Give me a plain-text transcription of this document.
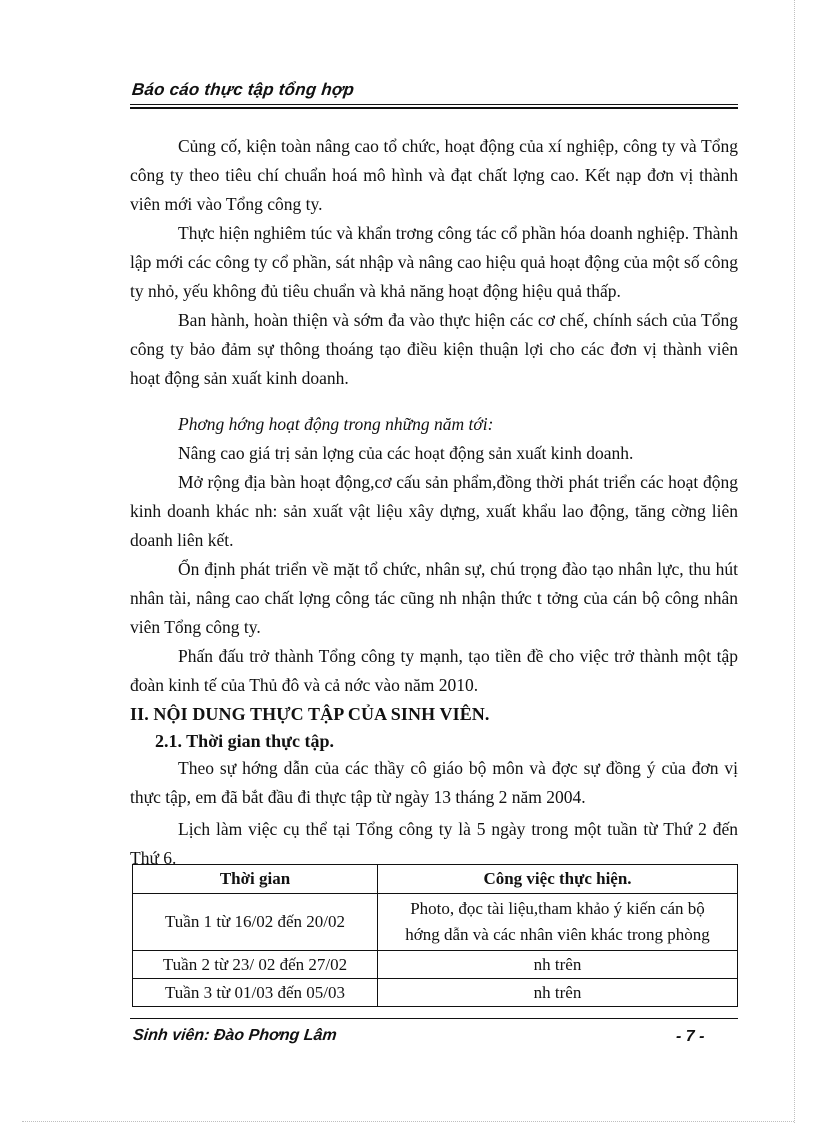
Báo cáo thực tập tổng hợp

Củng cố, kiện toàn nâng cao tổ chức, hoạt động của xí nghiệp, công ty và Tổng công ty theo tiêu chí chuẩn hoá mô hình và đạt chất lợng cao. Kết nạp đơn vị thành viên mới vào Tổng công ty.

Thực hiện nghiêm túc và khẩn trơng công tác cổ phần hóa doanh nghiệp. Thành lập mới các công ty cổ phần, sát nhập và nâng cao hiệu quả hoạt động của một số công ty nhỏ, yếu không đủ tiêu chuẩn và khả năng hoạt động hiệu quả thấp.

Ban hành, hoàn thiện và sớm đa vào thực hiện các cơ chế, chính sách của Tổng công ty bảo đảm sự thông thoáng tạo điều kiện thuận lợi cho các đơn vị thành viên hoạt động sản xuất kinh doanh.

Phơng hớng hoạt động trong những năm tới:

Nâng cao giá trị sản lợng của các hoạt động sản xuất kinh doanh.

Mở rộng địa bàn hoạt động,cơ cấu sản phẩm,đồng thời phát triển các hoạt động kinh doanh khác nh: sản xuất vật liệu xây dựng, xuất khẩu lao động, tăng cờng liên doanh liên kết.

Ổn định phát triển về mặt tổ chức, nhân sự, chú trọng đào tạo nhân lực, thu hút nhân tài, nâng cao chất lợng công tác cũng nh nhận thức t tởng của cán bộ công nhân viên Tổng công ty.

Phấn đấu trở thành Tổng công ty mạnh, tạo tiền đề cho việc trở thành một tập đoàn kinh tế của Thủ đô và cả nớc vào năm 2010.

II. NỘI DUNG THỰC TẬP CỦA SINH VIÊN.
2.1. Thời gian thực tập.

Theo sự hớng dẫn của các thầy cô giáo bộ môn và đợc sự đồng ý của đơn vị thực tập, em đã bắt đầu đi thực tập từ ngày 13 tháng 2 năm 2004.

Lịch làm việc cụ thể tại Tổng công ty là 5 ngày trong một tuần từ Thứ 2 đến Thứ 6.

Thời gian	Công việc thực hiện.
Tuần 1 từ 16/02 đến 20/02	Photo, đọc tài liệu,tham khảo ý kiến cán bộ
hớng dẫn và các nhân viên khác trong phòng

Tuần 2 từ 23/ 02 đến 27/02	nh trên
Tuần 3 từ 01/03 đến 05/03	nh trên
Sinh viên: Đào Phơng Lâm	- 7 -
